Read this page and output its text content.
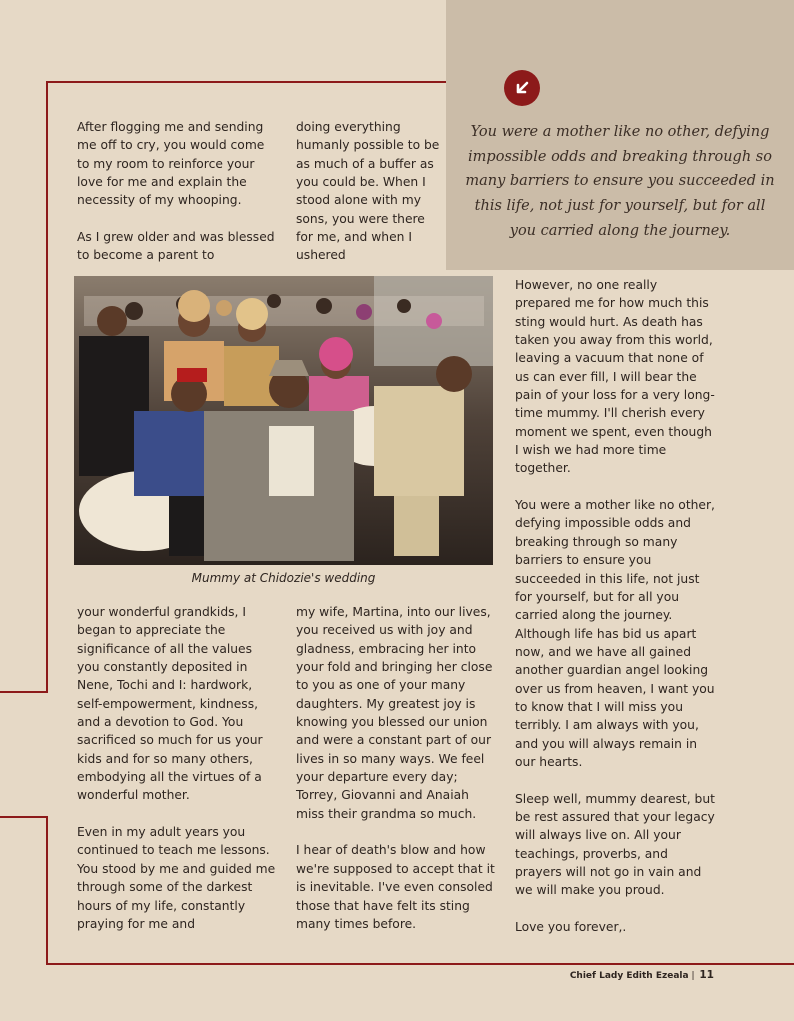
You were a mother like no other, defying impossible odds and breaking through so many barriers to ensure you succeeded in this life, not just for yourself, but for all you carried along the journey.

After flogging me and sending me off to cry, you would come to my room to reinforce your love for me and explain the necessity of my whooping.

As I grew older and was blessed to become a parent to

doing everything humanly possible to be as much of a buffer as you could be. When I stood alone with my sons, you were there for me, and when I ushered

Mummy at Chidozie's wedding

your wonderful grandkids, I began to appreciate the significance of all the values you constantly deposited in Nene, Tochi and I: hardwork, self-empowerment, kindness, and a devotion to God. You sacrificed so much for us your kids and for so many others, embodying all the virtues of a wonderful mother.

Even in my adult years you continued to teach me lessons. You stood by me and guided me through some of the darkest hours of my life, constantly praying for me and

my wife, Martina, into our lives, you received us with joy and gladness, embracing her into your fold and bringing her close to you as one of your many daughters. My greatest joy is knowing you blessed our union and were a constant part of our lives in so many ways. We feel your departure every day; Torrey, Giovanni and Anaiah miss their grandma so much.

I hear of death's blow and how we're supposed to accept that it is inevitable. I've even consoled those that have felt its sting many times before.

However, no one really prepared me for how much this sting would hurt. As death has taken you away from this world, leaving a vacuum that none of us can ever fill, I will bear the pain of your loss for a very long-time mummy. I'll cherish every moment we spent, even though I wish we had more time together.

You were a mother like no other, defying impossible odds and breaking through so many barriers to ensure you succeeded in this life, not just for yourself, but for all you carried along the journey. Although life has bid us apart now, and we have all gained another guardian angel looking over us from heaven, I want you to know that I will miss you terribly. I am always with you, and you will always remain in our hearts.

Sleep well, mummy dearest, but be rest assured that your legacy will always live on. All your teachings, proverbs, and prayers will not go in vain and we will make you proud.

Love you forever,.

Chief Lady Edith Ezeala | 11
